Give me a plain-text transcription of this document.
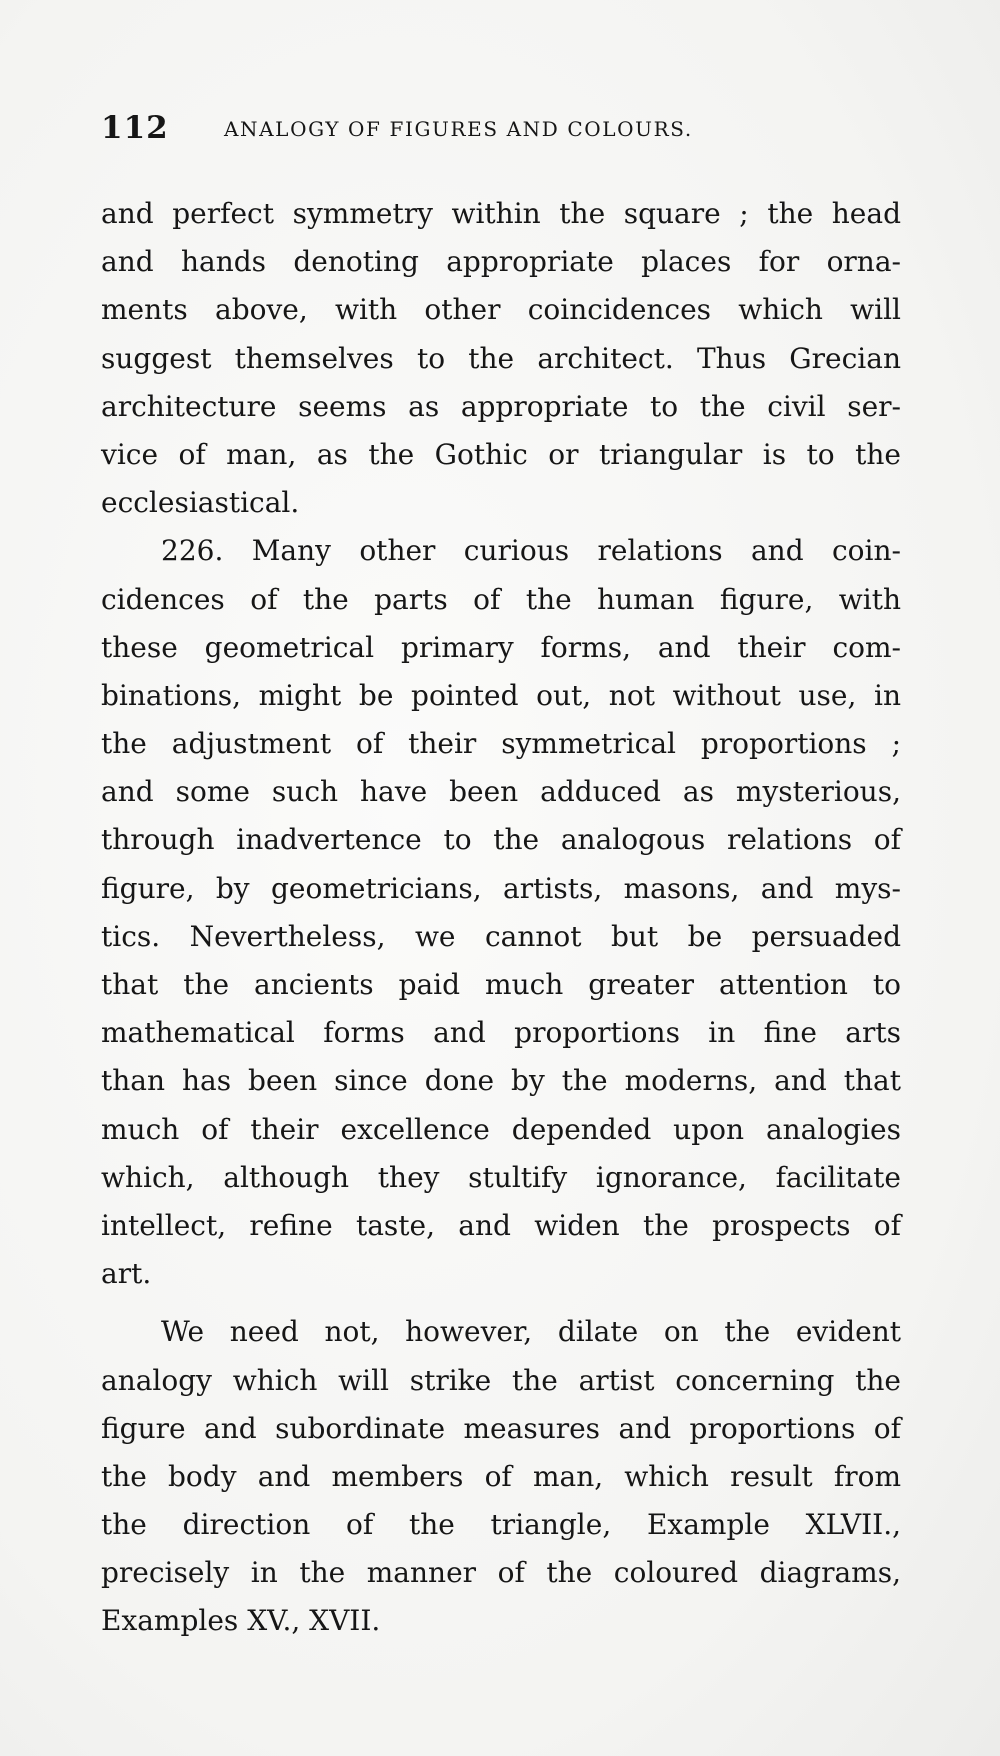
112	ANALOGY OF FIGURES AND COLOURS.
and perfect symmetry within the square ; the head
and hands denoting appropriate places for orna-
ments above, with other coincidences which will
suggest themselves to the architect. Thus Grecian
architecture seems as appropriate to the civil ser-
vice of man, as the Gothic or triangular is to the
ecclesiastical.
226. Many other curious relations and coin-
cidences of the parts of the human figure, with
these geometrical primary forms, and their com-
binations, might be pointed out, not without use, in
the adjustment of their symmetrical proportions ;
and some such have been adduced as mysterious,
through inadvertence to the analogous relations of
figure, by geometricians, artists, masons, and mys-
tics. Nevertheless, we cannot but be persuaded
that the ancients paid much greater attention to
mathematical forms and proportions in fine arts
than has been since done by the moderns, and that
much of their excellence depended upon analogies
which, although they stultify ignorance, facilitate
intellect, refine taste, and widen the prospects of
art.
We need not, however, dilate on the evident
analogy which will strike the artist concerning the
figure and subordinate measures and proportions of
the body and members of man, which result from
the direction of the triangle, Example XLVII.,
precisely in the manner of the coloured diagrams,
Examples XV., XVII.
